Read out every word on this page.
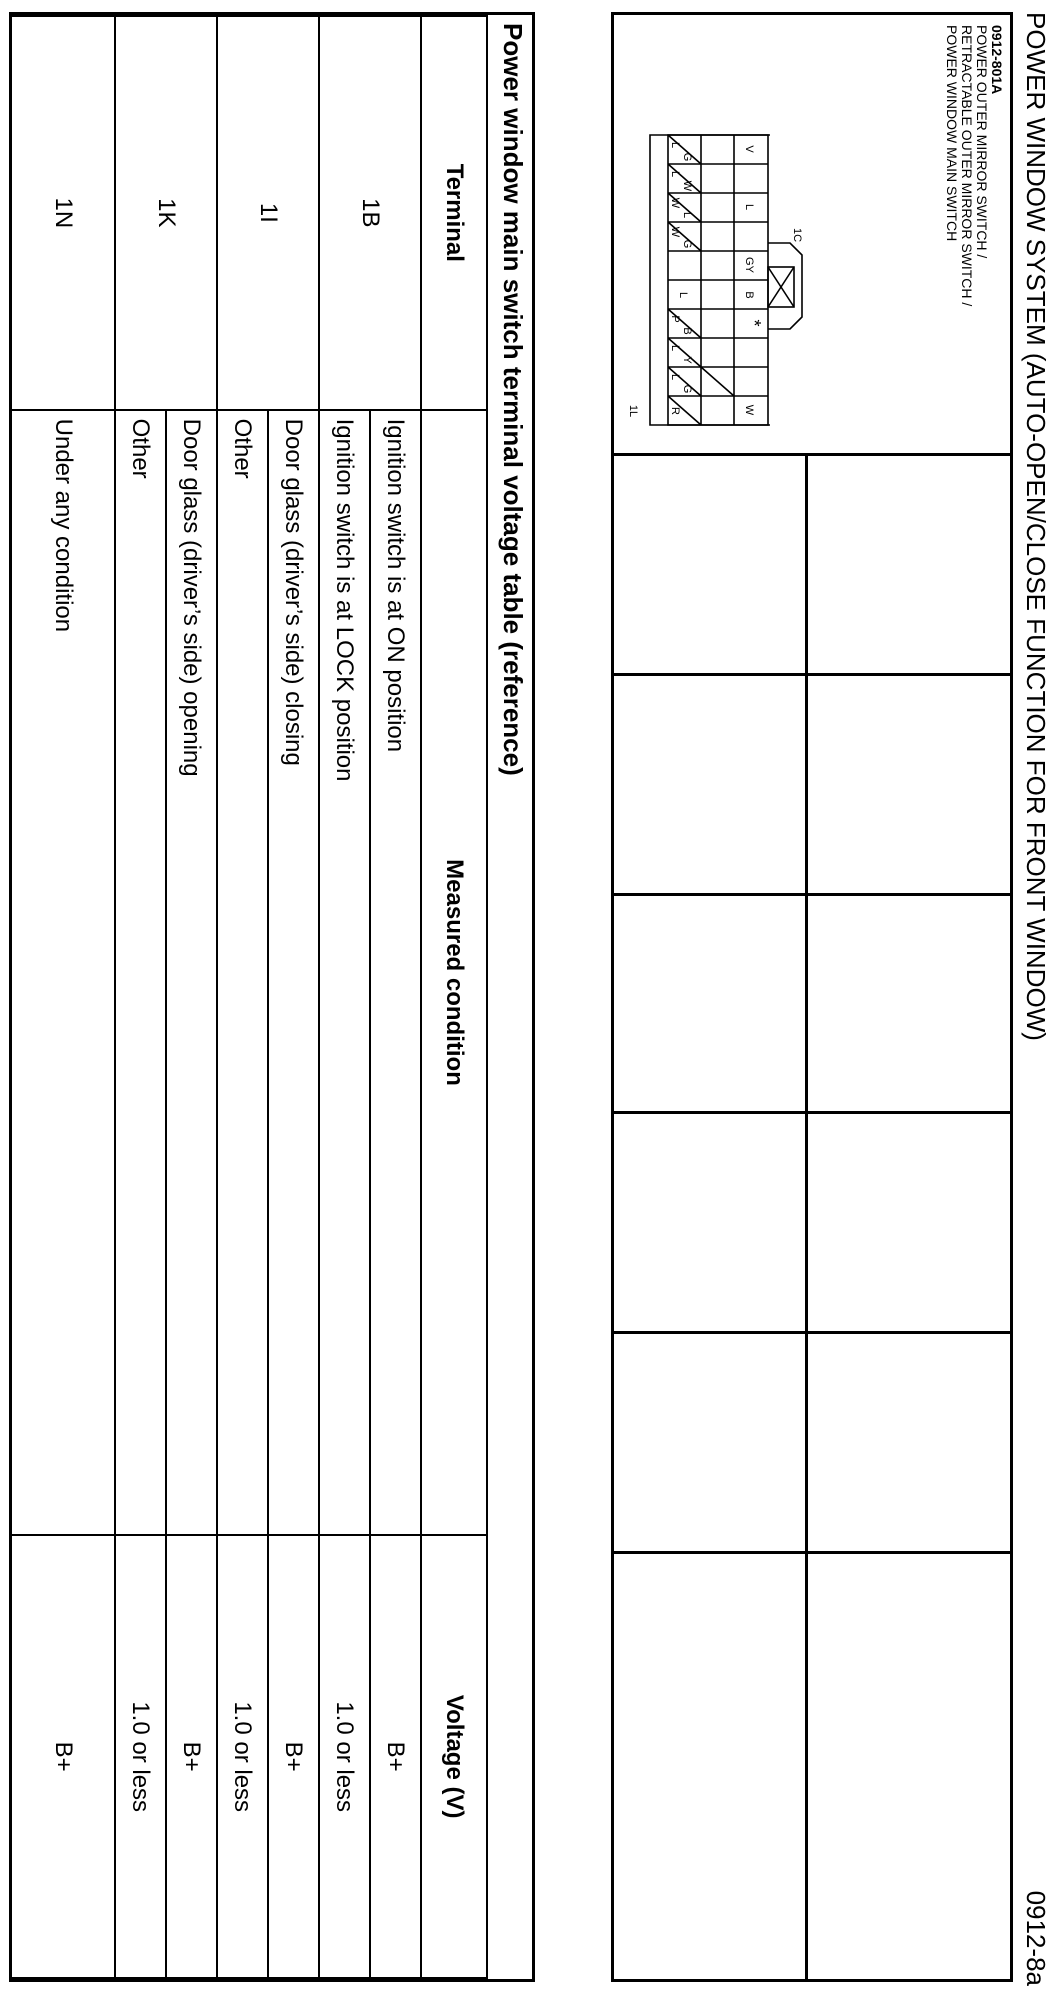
POWER WINDOW SYSTEM (AUTO-OPEN/CLOSE FUNCTION FOR FRONT WINDOW)
0912-8a
0912-801A
POWER OUTER MIRROR SWITCH /
RETRACTABLE OUTER MIRROR SWITCH /
POWER WINDOW MAIN SWITCH
1C
1L
*
V
L
GY
B
W
G
L
W
L
L
W
G
W
L
B
P
Y
L
G
L
R
Power window main switch terminal voltage table (reference)
Terminal	Measured condition	Voltage (V)
1B	Ignition switch is at ON position	B+
	Ignition switch is at LOCK position	1.0 or less
1I	Door glass (driver’s side) closing	B+
	Other	1.0 or less
1K	Door glass (driver’s side) opening	B+
	Other	1.0 or less
1N	Under any condition	B+
